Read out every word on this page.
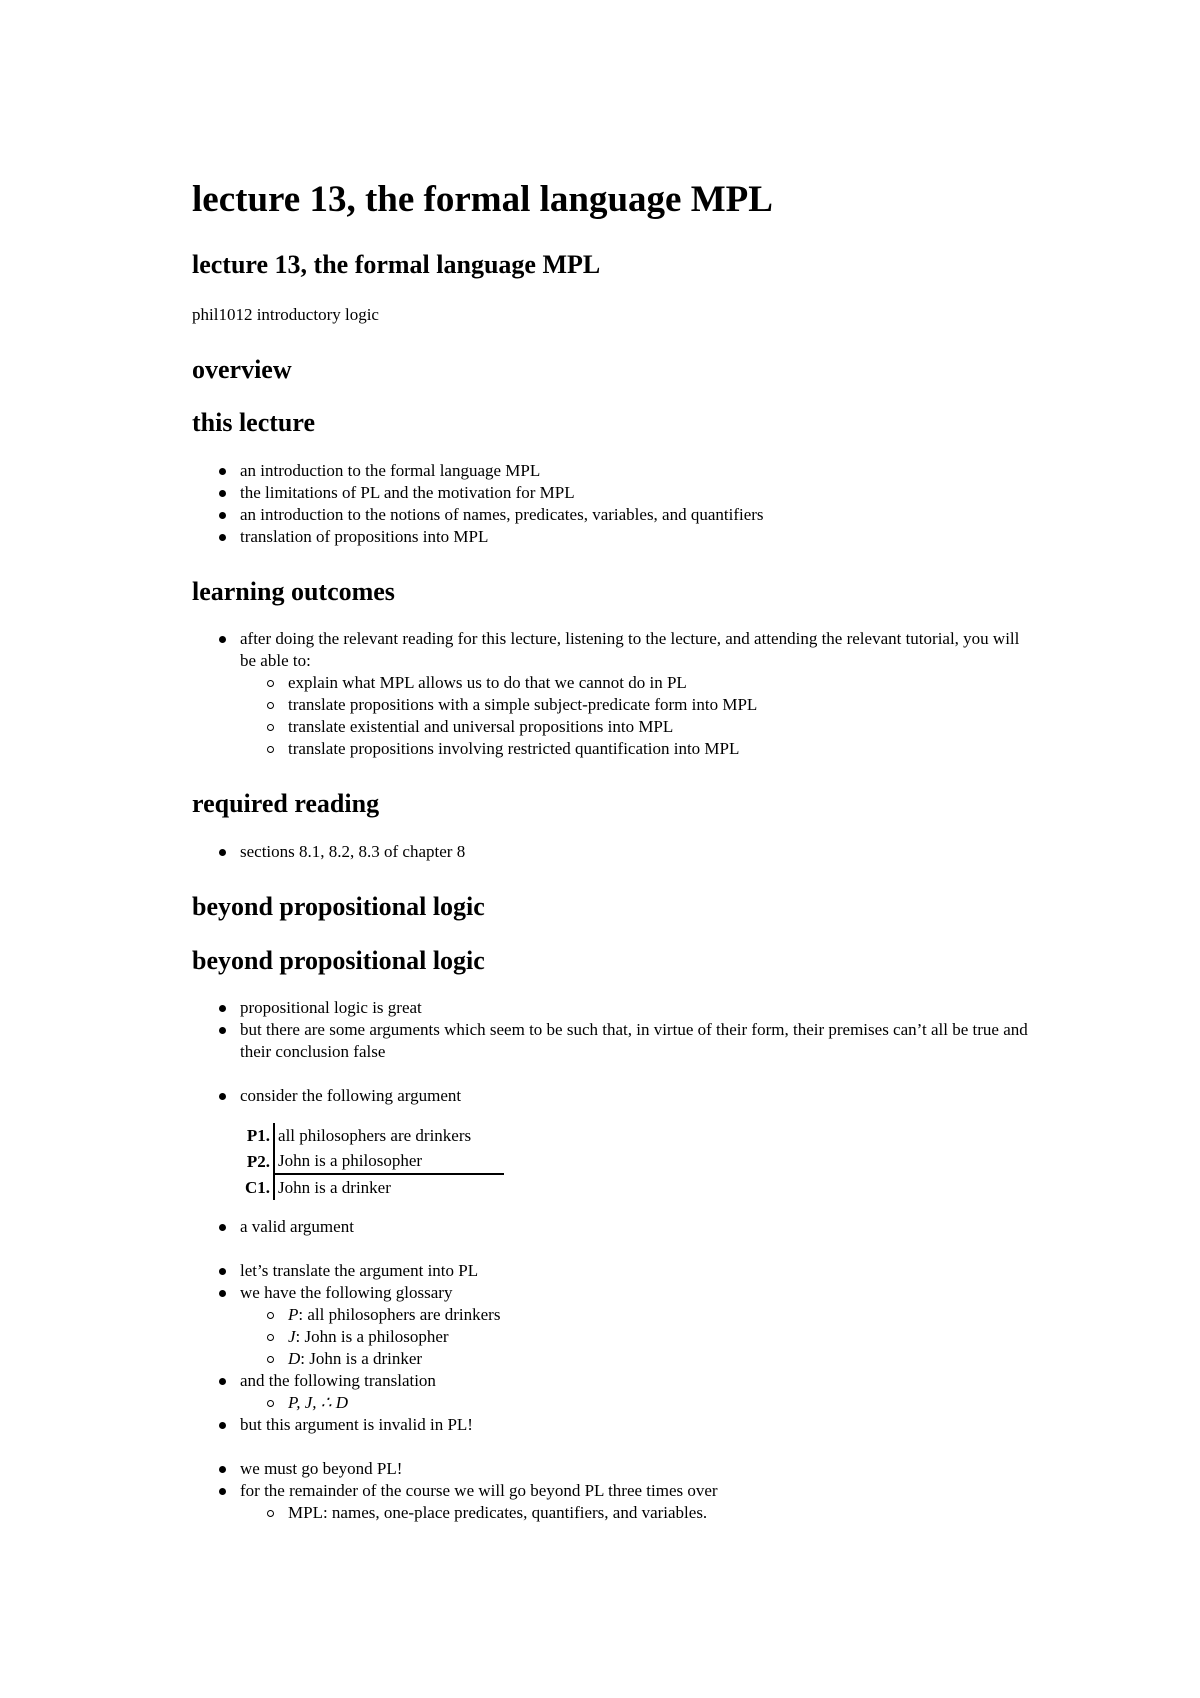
lecture 13, the formal language MPL
lecture 13, the formal language MPL

phil1012 introductory logic

overview
this lecture
an introduction to the formal language MPL
the limitations of PL and the motivation for MPL
an introduction to the notions of names, predicates, variables, and quantifiers
translation of propositions into MPL
learning outcomes
after doing the relevant reading for this lecture, listening to the lecture, and attending the relevant tutorial, you will be able to:
explain what MPL allows us to do that we cannot do in PL
translate propositions with a simple subject-predicate form into MPL
translate existential and universal propositions into MPL
translate propositions involving restricted quantification into MPL
required reading
sections 8.1, 8.2, 8.3 of chapter 8
beyond propositional logic
beyond propositional logic
propositional logic is great
but there are some arguments which seem to be such that, in virtue of their form, their premises can’t all be true and their conclusion false
consider the following argument
P1.	all philosophers are drinkers
P2.	John is a philosopher
C1.	John is a drinker
a valid argument
let’s translate the argument into PL
we have the following glossary
P: all philosophers are drinkers
J: John is a philosopher
D: John is a drinker
and the following translation
P, J, ∴ D
but this argument is invalid in PL!
we must go beyond PL!
for the remainder of the course we will go beyond PL three times over
MPL: names, one-place predicates, quantifiers, and variables.
